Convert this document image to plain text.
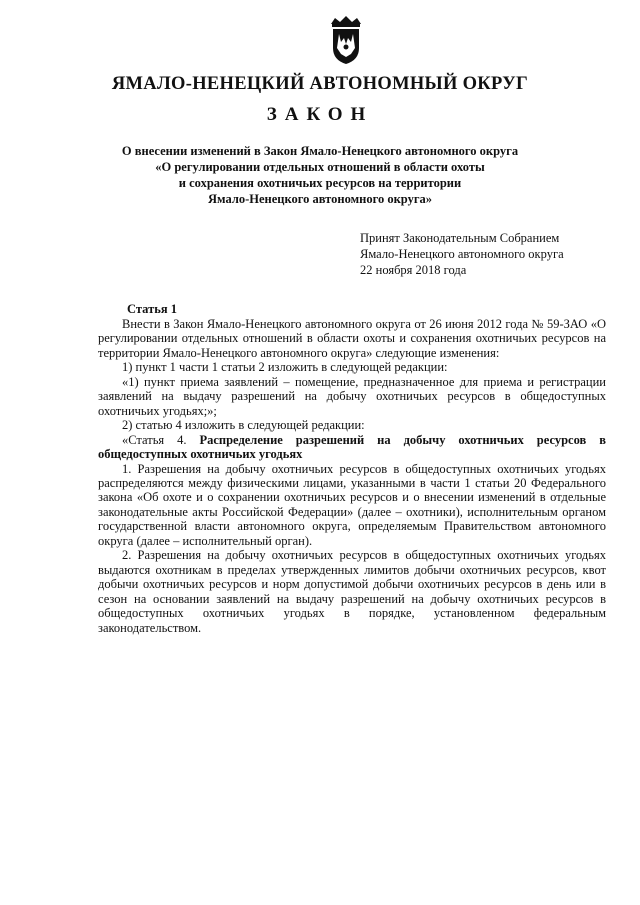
ЯМАЛО-НЕНЕЦКИЙ АВТОНОМНЫЙ ОКРУГ
ЗАКОН
О внесении изменений в Закон Ямало-Ненецкого автономного округа
«О регулировании отдельных отношений в области охоты
и сохранения охотничьих ресурсов на территории
Ямало-Ненецкого автономного округа»
Принят Законодательным Собранием
Ямало-Ненецкого автономного округа
22 ноября 2018 года
Статья 1

Внести в Закон Ямало-Ненецкого автономного округа от 26 июня 2012 года № 59-ЗАО «О регулировании отдельных отношений в области охоты и сохранения охотничьих ресурсов на территории Ямало-Ненецкого автономного округа» следующие изменения:

1) пункт 1 части 1 статьи 2 изложить в следующей редакции:

«1) пункт приема заявлений – помещение, предназначенное для приема и регистрации заявлений на выдачу разрешений на добычу охотничьих ресурсов в общедоступных охотничьих угодьях;»;

2) статью 4 изложить в следующей редакции:

«Статья 4. Распределение разрешений на добычу охотничьих ресурсов в общедоступных охотничьих угодьях

1. Разрешения на добычу охотничьих ресурсов в общедоступных охотничьих угодьях распределяются между физическими лицами, указанными в части 1 статьи 20 Федерального закона «Об охоте и о сохранении охотничьих ресурсов и о внесении изменений в отдельные законодательные акты Российской Федерации» (далее – охотники), исполнительным органом государственной власти автономного округа, определяемым Правительством автономного округа (далее – исполнительный орган).

2. Разрешения на добычу охотничьих ресурсов в общедоступных охотничьих угодьях выдаются охотникам в пределах утвержденных лимитов добычи охотничьих ресурсов, квот добычи охотничьих ресурсов и норм допустимой добычи охотничьих ресурсов в день или в сезон на основании заявлений на выдачу разрешений на добычу охотничьих ресурсов в общедоступных охотничьих угодьях в порядке, установленном федеральным законодательством.
